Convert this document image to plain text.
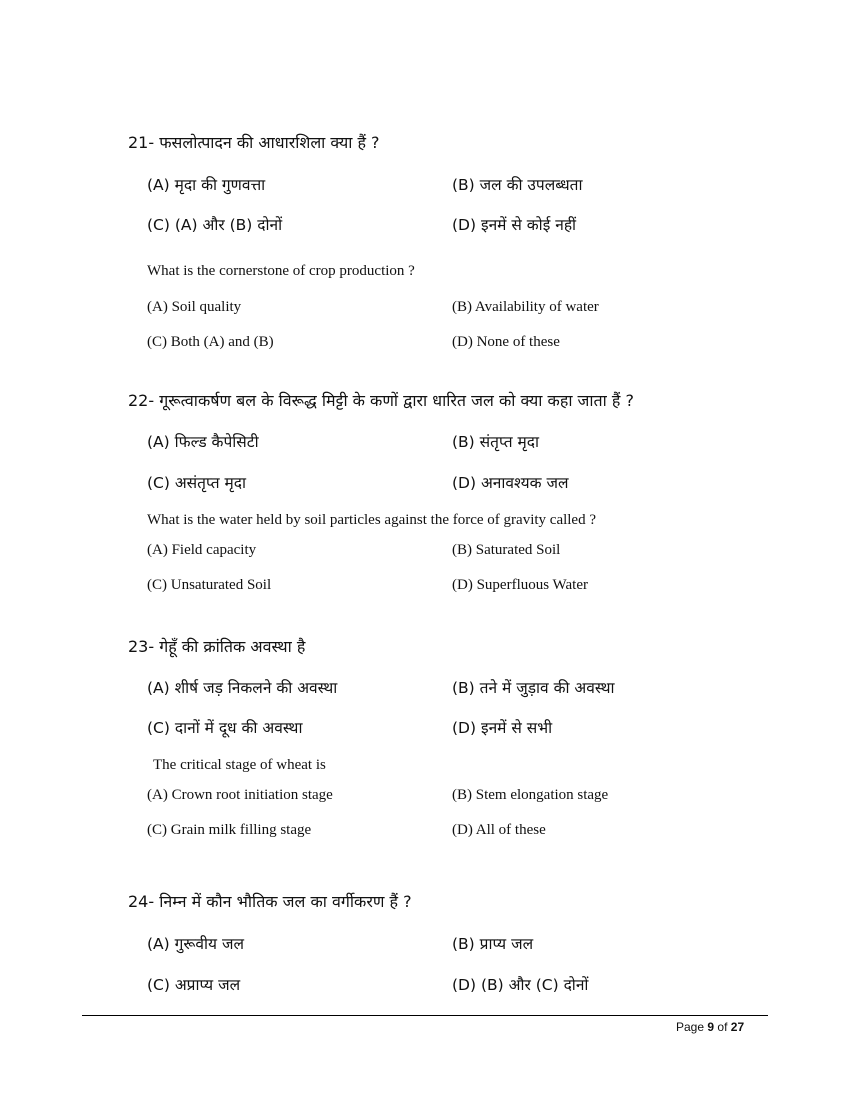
21- फसलोत्पादन की आधारशिला क्या हैं ?
(A) मृदा की गुणवत्ता	(B) जल की उपलब्धता
(C) (A) और (B) दोनों	(D) इनमें से कोई नहीं
What is the cornerstone of crop production ?
(A) Soil quality	(B) Availability of water
(C) Both (A) and (B)	(D) None of these
22- गूरूत्वाकर्षण बल के विरूद्ध मिट्टी के कणों द्वारा धारित जल को क्या कहा जाता हैं ?
(A) फिल्ड कैपेसिटी	(B) संतृप्त मृदा
(C) असंतृप्त मृदा	(D) अनावश्यक जल
What is the water held by soil particles against the force of gravity called ?
(A) Field capacity	(B) Saturated Soil
(C) Unsaturated Soil	(D) Superfluous Water
23- गेहूँ की क्रांतिक अवस्था है
(A) शीर्ष जड़ निकलने की अवस्था	(B) तने में जुड़ाव की अवस्था
(C) दानों में दूध की अवस्था	(D) इनमें से सभी
The critical stage of wheat is
(A) Crown root initiation stage	(B) Stem elongation stage
(C) Grain milk filling stage	(D) All of these
24- निम्न में कौन भौतिक जल का वर्गीकरण हैं ?
(A) गुरूवीय जल	(B) प्राप्य जल
(C) अप्राप्य जल	(D) (B) और (C) दोनों
Page 9 of 27
